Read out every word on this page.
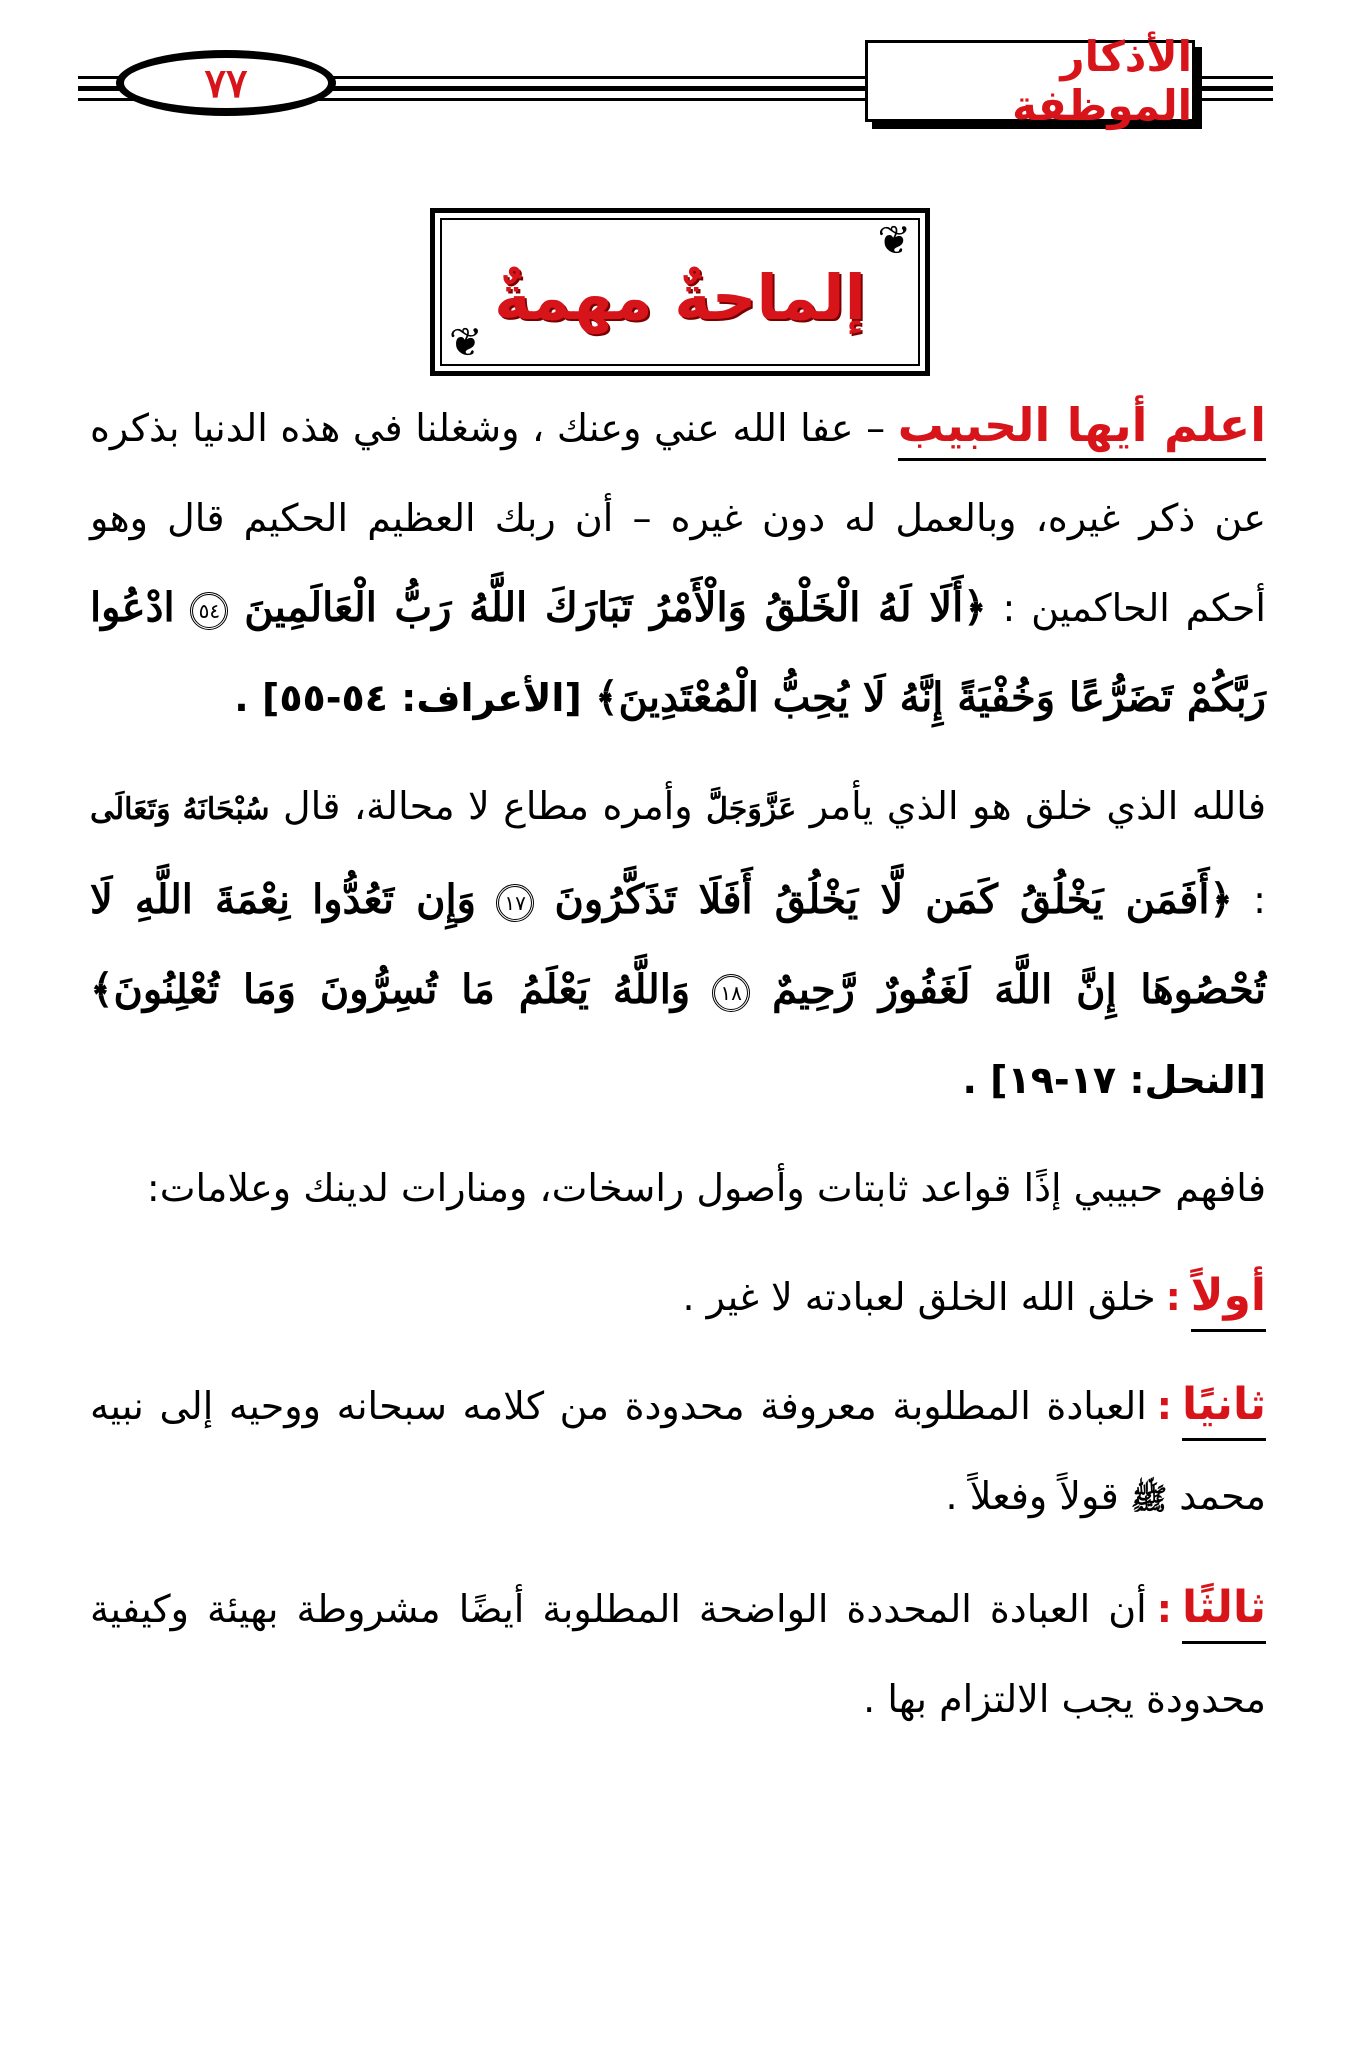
٧٧
الأذكار الموظفة
❦
❦
إلماحةٌ مهمةٌ

اعلم أيها الحبيب – عفا الله عني وعنك ، وشغلنا في هذه الدنيا بذكره عن ذكر غيره، وبالعمل له دون غيره – أن ربك العظيم الحكيم قال وهو أحكم الحاكمين : ﴿أَلَا لَهُ الْخَلْقُ وَالْأَمْرُ تَبَارَكَ اللَّهُ رَبُّ الْعَالَمِينَ ٥٤ ادْعُوا رَبَّكُمْ تَضَرُّعًا وَخُفْيَةً إِنَّهُ لَا يُحِبُّ الْمُعْتَدِينَ﴾ [الأعراف: ٥٤-٥٥] .

فالله الذي خلق هو الذي يأمر عَزَّوَجَلَّ وأمره مطاع لا محالة، قال سُبْحَانَهُ وَتَعَالَى : ﴿أَفَمَن يَخْلُقُ كَمَن لَّا يَخْلُقُ أَفَلَا تَذَكَّرُونَ ١٧ وَإِن تَعُدُّوا نِعْمَةَ اللَّهِ لَا تُحْصُوهَا إِنَّ اللَّهَ لَغَفُورٌ رَّحِيمٌ ١٨ وَاللَّهُ يَعْلَمُ مَا تُسِرُّونَ وَمَا تُعْلِنُونَ﴾ [النحل: ١٧-١٩] .

فافهم حبيبي إذًا قواعد ثابتات وأصول راسخات، ومنارات لدينك وعلامات:

أولاً:خلق الله الخلق لعبادته لا غير .

ثانيًا:العبادة المطلوبة معروفة محدودة من كلامه سبحانه ووحيه إلى نبيه محمد ﷺ قولاً وفعلاً .

ثالثًا:أن العبادة المحددة الواضحة المطلوبة أيضًا مشروطة بهيئة وكيفية محدودة يجب الالتزام بها .
